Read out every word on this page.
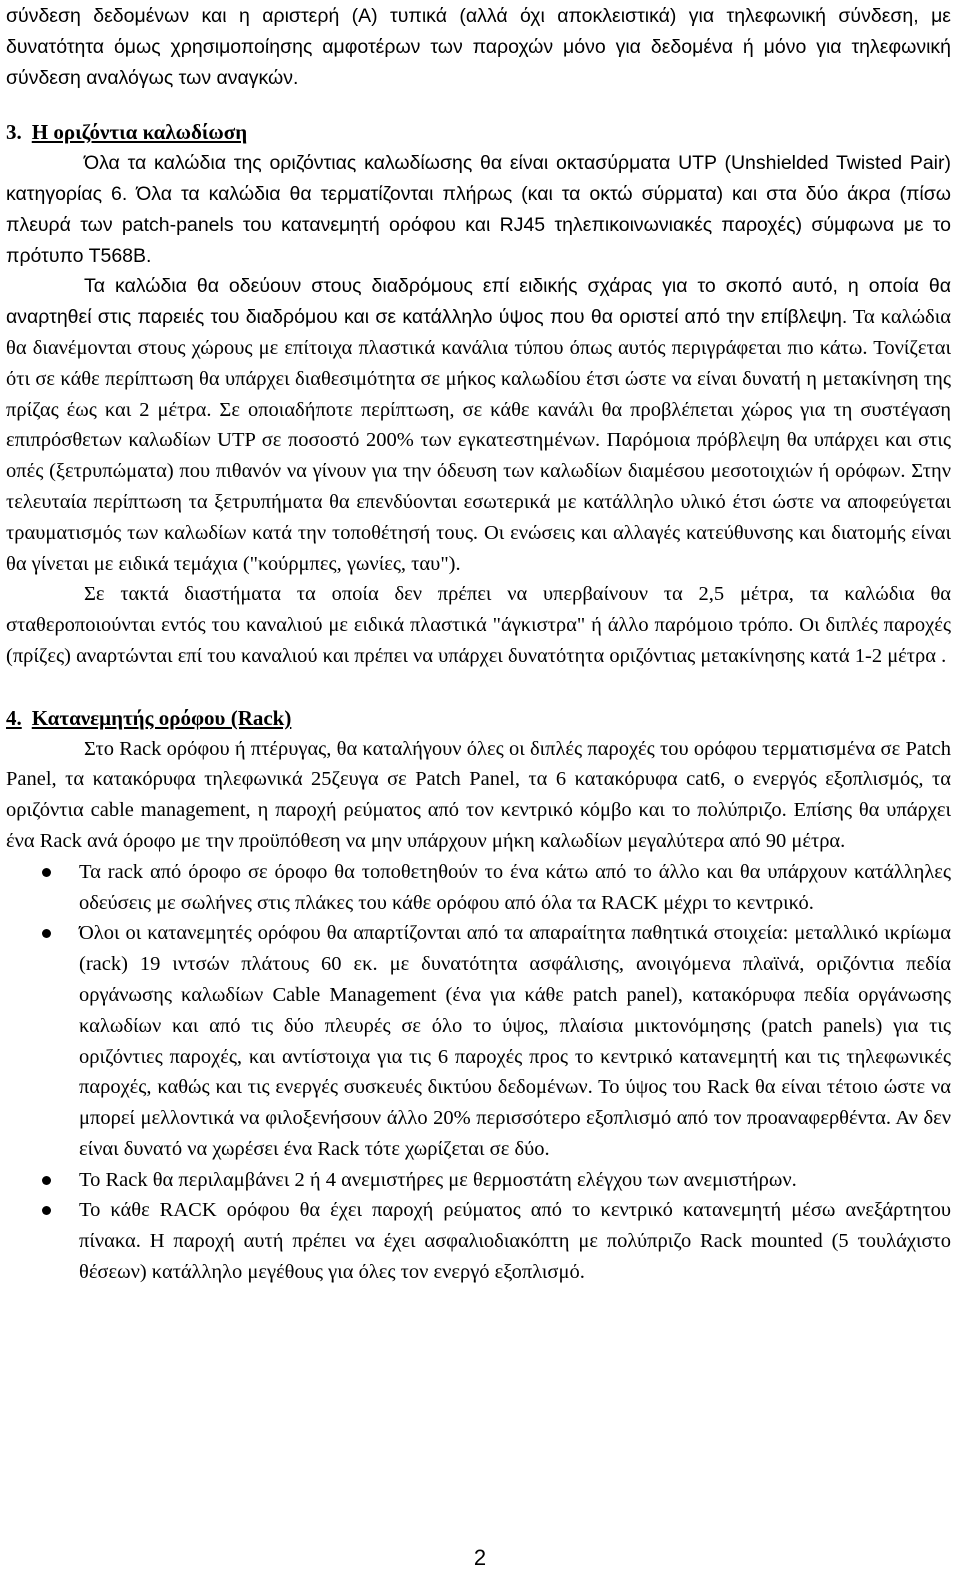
σύνδεση δεδομένων και η αριστερή (Α) τυπικά (αλλά όχι αποκλειστικά) για τηλεφωνική σύνδεση, με δυνατότητα όμως χρησιμοποίησης αμφοτέρων των παροχών μόνο για δεδομένα ή μόνο για τηλεφωνική σύνδεση αναλόγως των αναγκών.

3. Η οριζόντια καλωδίωση

Όλα τα καλώδια της οριζόντιας καλωδίωσης θα είναι οκτασύρματα UTP (Unshielded Twisted Pair) κατηγορίας 6. Όλα τα καλώδια θα τερματίζονται πλήρως (και τα οκτώ σύρματα) και στα δύο άκρα (πίσω πλευρά των patch-panels του κατανεμητή ορόφου και RJ45 τηλεπικοινωνιακές παροχές) σύμφωνα με το πρότυπο Τ568Β.

Τα καλώδια θα οδεύουν στους διαδρόμους επί ειδικής σχάρας για το σκοπό αυτό, η οποία θα αναρτηθεί στις παρειές του διαδρόμου και σε κατάλληλο ύψος που θα οριστεί από την επίβλεψη. Τα καλώδια θα διανέμονται στους χώρους με επίτοιχα πλαστικά κανάλια τύπου όπως αυτός περιγράφεται πιο κάτω. Τονίζεται ότι σε κάθε περίπτωση θα υπάρχει διαθεσιμότητα σε μήκος καλωδίου έτσι ώστε να είναι δυνατή η μετακίνηση της πρίζας έως και 2 μέτρα. Σε οποιαδήποτε περίπτωση, σε κάθε κανάλι θα προβλέπεται χώρος για τη συστέγαση επιπρόσθετων καλωδίων UTP σε ποσοστό 200% των εγκατεστημένων. Παρόμοια πρόβλεψη θα υπάρχει και στις οπές (ξετρυπώματα) που πιθανόν να γίνουν για την όδευση των καλωδίων διαμέσου μεσοτοιχιών ή ορόφων. Στην τελευταία περίπτωση τα ξετρυπήματα θα επενδύονται εσωτερικά με κατάλληλο υλικό έτσι ώστε να αποφεύγεται τραυματισμός των καλωδίων κατά την τοποθέτησή τους. Οι ενώσεις και αλλαγές κατεύθυνσης και διατομής είναι θα γίνεται με ειδικά τεμάχια ("κούρμπες, γωνίες, ταυ").

Σε τακτά διαστήματα τα οποία δεν πρέπει να υπερβαίνουν τα 2,5 μέτρα, τα καλώδια θα σταθεροποιούνται εντός του καναλιού με ειδικά πλαστικά "άγκιστρα" ή άλλο παρόμοιο τρόπο. Οι διπλές παροχές (πρίζες) αναρτώνται επί του καναλιού και πρέπει να υπάρχει δυνατότητα οριζόντιας μετακίνησης κατά 1-2 μέτρα .

4. Κατανεμητής ορόφου (Rack)

Στο Rack ορόφου ή πτέρυγας, θα καταλήγουν όλες οι διπλές παροχές του ορόφου τερματισμένα σε Patch Panel, τα κατακόρυφα τηλεφωνικά 25ζευγα σε Patch Panel, τα 6 κατακόρυφα cat6, ο ενεργός εξοπλισμός, τα οριζόντια cable management, η παροχή ρεύματος από τον κεντρικό κόμβο και το πολύπριζο. Επίσης θα υπάρχει ένα Rack ανά όροφο με την προϋπόθεση να μην υπάρχουν μήκη καλωδίων μεγαλύτερα από 90 μέτρα.

Τα rack από όροφο σε όροφο θα τοποθετηθούν το ένα κάτω από το άλλο και θα υπάρχουν κατάλληλες οδεύσεις με σωλήνες στις πλάκες του κάθε ορόφου από όλα τα RACK μέχρι το κεντρικό.

Όλοι οι κατανεμητές ορόφου θα απαρτίζονται από τα απαραίτητα παθητικά στοιχεία: μεταλλικό ικρίωμα (rack) 19 ιντσών πλάτους 60 εκ. με δυνατότητα ασφάλισης, ανοιγόμενα πλαϊνά, οριζόντια πεδία οργάνωσης καλωδίων Cable Management (ένα για κάθε patch panel), κατακόρυφα πεδία οργάνωσης καλωδίων και από τις δύο πλευρές σε όλο το ύψος, πλαίσια μικτονόμησης (patch panels) για τις οριζόντιες παροχές, και αντίστοιχα για τις 6 παροχές προς το κεντρικό κατανεμητή και τις τηλεφωνικές παροχές, καθώς και τις ενεργές συσκευές δικτύου δεδομένων. Το ύψος του Rack θα είναι τέτοιο ώστε να μπορεί μελλοντικά να φιλοξενήσουν άλλο 20% περισσότερο εξοπλισμό από τον προαναφερθέντα. Αν δεν είναι δυνατό να χωρέσει ένα Rack τότε χωρίζεται σε δύο.

Το Rack θα περιλαμβάνει 2 ή 4 ανεμιστήρες με θερμοστάτη ελέγχου των ανεμιστήρων.

Το κάθε RACK ορόφου θα έχει παροχή ρεύματος από το κεντρικό κατανεμητή μέσω ανεξάρτητου πίνακα. Η παροχή αυτή πρέπει να έχει ασφαλιοδιακόπτη με πολύπριζο Rack mounted (5 τουλάχιστο θέσεων) κατάλληλο μεγέθους για όλες τον ενεργό εξοπλισμό.

2
